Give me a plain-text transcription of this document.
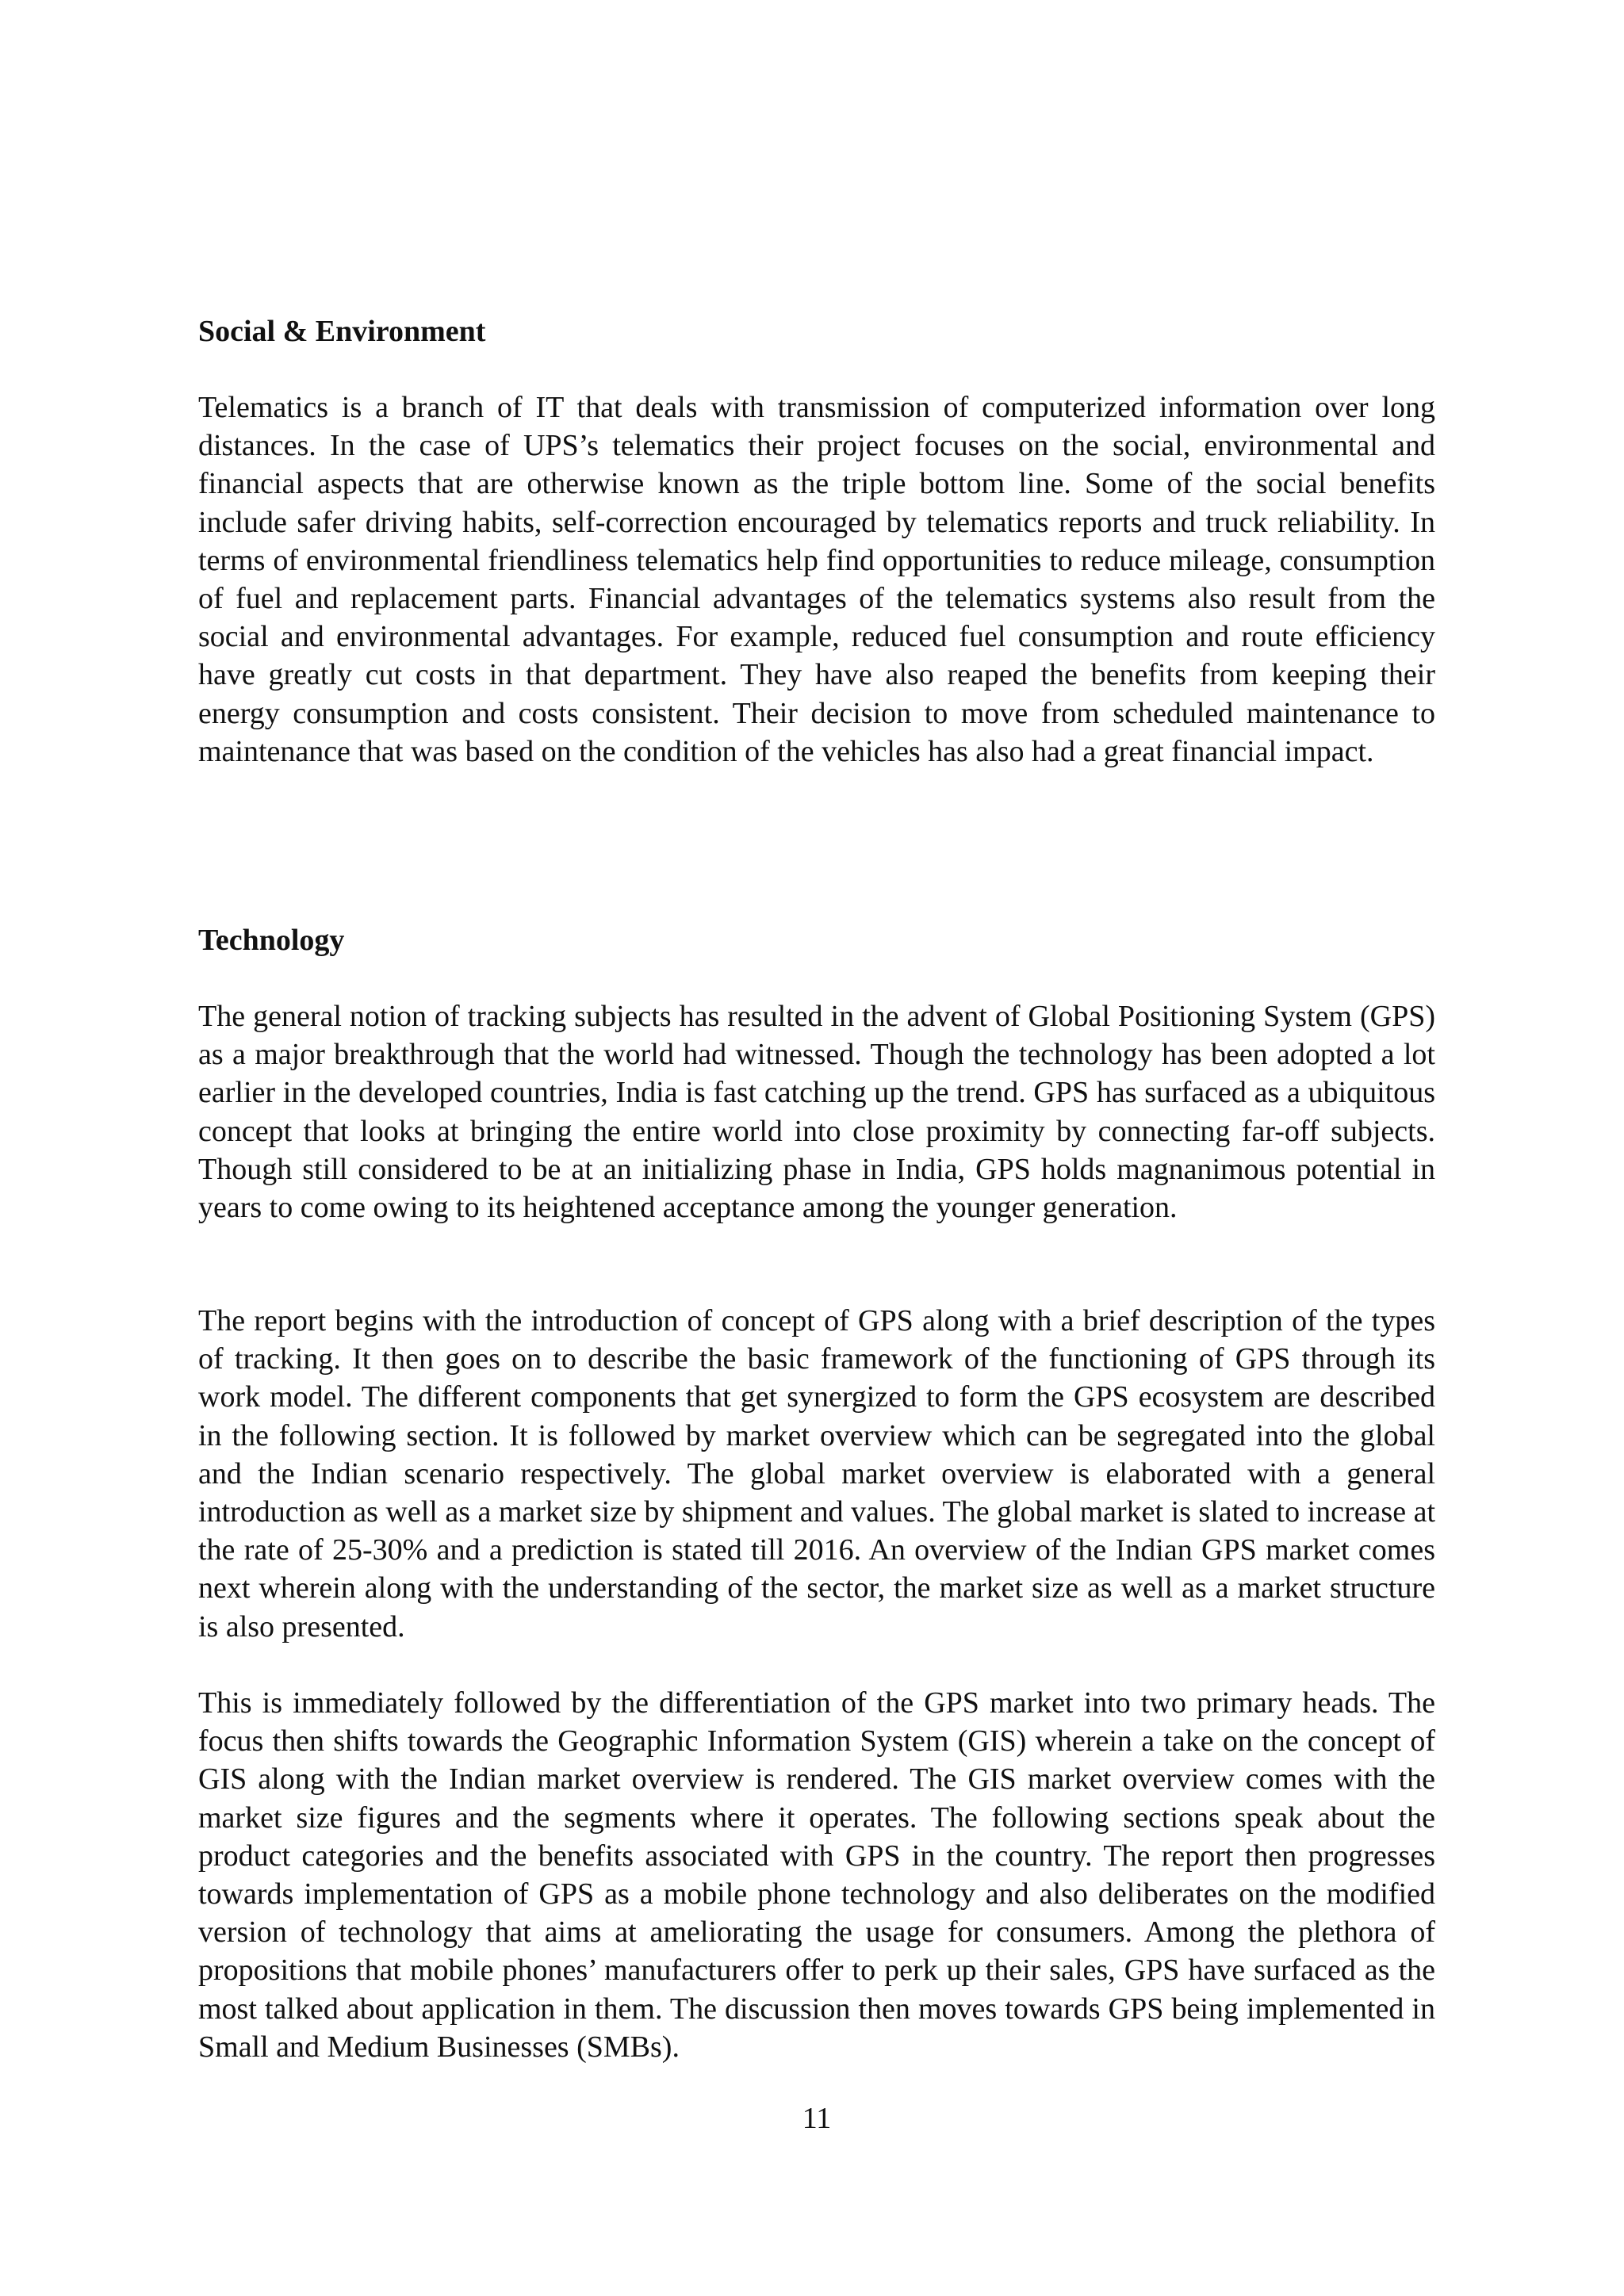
Social & Environment

Telematics is a branch of IT that deals with transmission of computerized information over long distances. In the case of UPS’s telematics their project focuses on the social, environmental and financial aspects that are otherwise known as the triple bottom line. Some of the social benefits include safer driving habits, self-correction encouraged by telematics reports and truck reliability. In terms of environmental friendliness telematics help find opportunities to reduce mileage, consumption of fuel and replacement parts. Financial advantages of the telematics systems also result from the social and environmental advantages. For example, reduced fuel consumption and route efficiency have greatly cut costs in that department. They have also reaped the benefits from keeping their energy consumption and costs consistent. Their decision to move from scheduled maintenance to maintenance that was based on the condition of the vehicles has also had a great financial impact.

Technology

The general notion of tracking subjects has resulted in the advent of Global Positioning System (GPS) as a major breakthrough that the world had witnessed. Though the technology has been adopted a lot earlier in the developed countries, India is fast catching up the trend. GPS has surfaced as a ubiquitous concept that looks at bringing the entire world into close proximity by connecting far-off subjects. Though still considered to be at an initializing phase in India, GPS holds magnanimous potential in years to come owing to its heightened acceptance among the younger generation.

The report begins with the introduction of concept of GPS along with a brief description of the types of tracking. It then goes on to describe the basic framework of the functioning of GPS through its work model. The different components that get synergized to form the GPS ecosystem are described in the following section. It is followed by market overview which can be segregated into the global and the Indian scenario respectively. The global market overview is elaborated with a general introduction as well as a market size by shipment and values. The global market is slated to increase at the rate of 25-30% and a prediction is stated till 2016. An overview of the Indian GPS market comes next wherein along with the understanding of the sector, the market size as well as a market structure is also presented.

This is immediately followed by the differentiation of the GPS market into two primary heads. The focus then shifts towards the Geographic Information System (GIS) wherein a take on the concept of GIS along with the Indian market overview is rendered. The GIS market overview comes with the market size figures and the segments where it operates. The following sections speak about the product categories and the benefits associated with GPS in the country. The report then progresses towards implementation of GPS as a mobile phone technology and also deliberates on the modified version of technology that aims at ameliorating the usage for consumers. Among the plethora of propositions that mobile phones’ manufacturers offer to perk up their sales, GPS have surfaced as the most talked about application in them. The discussion then moves towards GPS being implemented in Small and Medium Businesses (SMBs).

11
